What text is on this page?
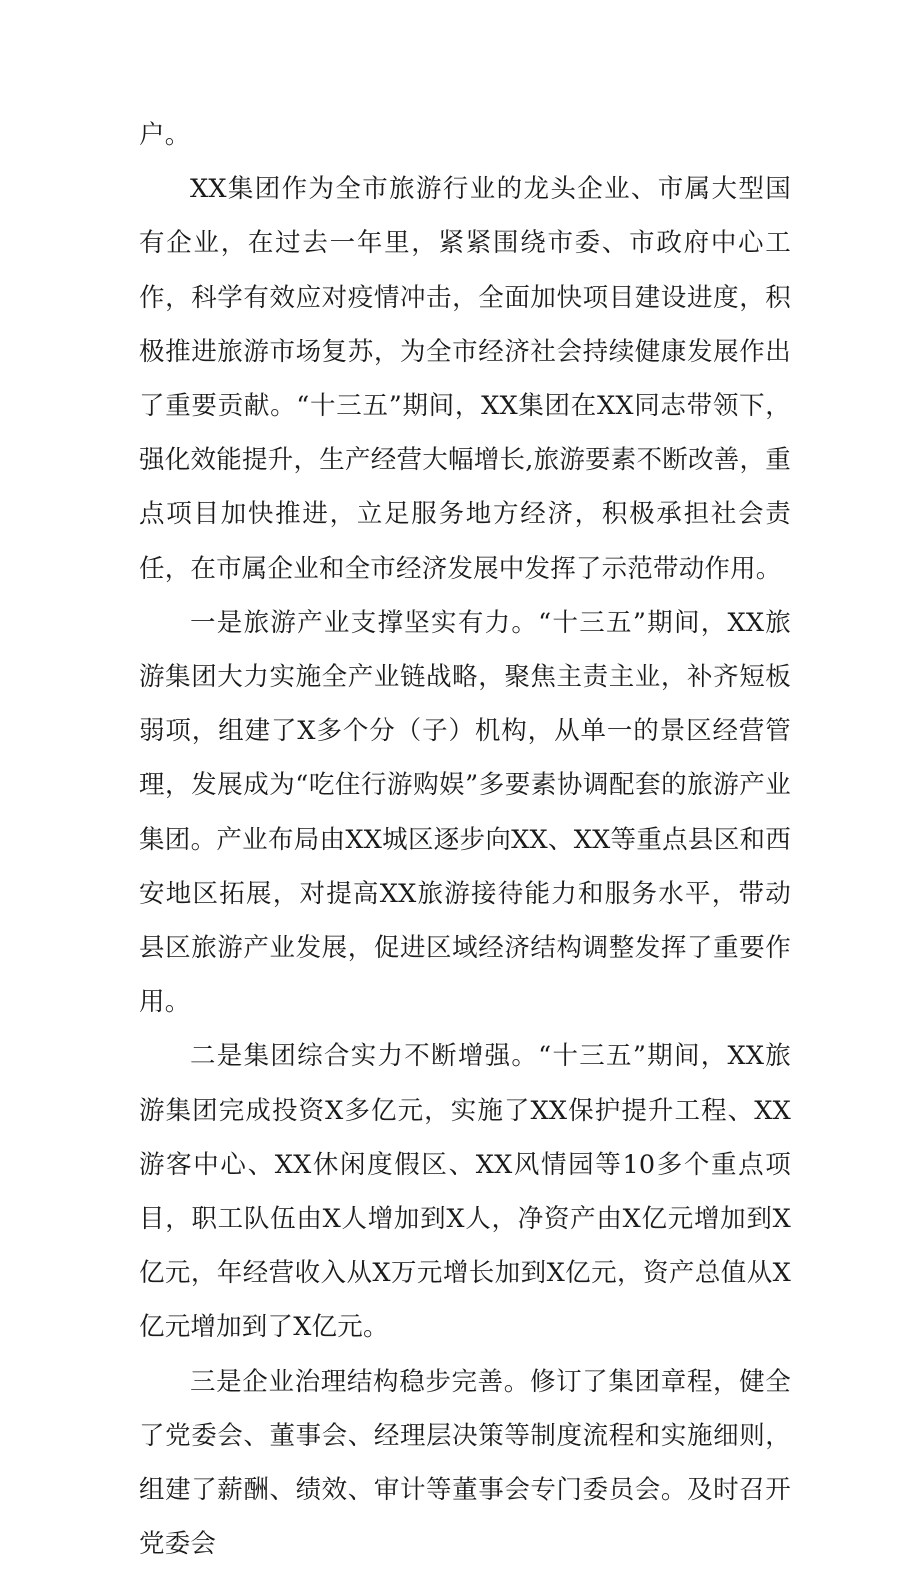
户。

XX集团作为全市旅游行业的龙头企业、市属大型国有企业，在过去一年里，紧紧围绕市委、市政府中心工作，科学有效应对疫情冲击，全面加快项目建设进度，积极推进旅游市场复苏，为全市经济社会持续健康发展作出了重要贡献。“十三五”期间，XX集团在XX同志带领下，强化效能提升，生产经营大幅增长,旅游要素不断改善，重点项目加快推进，立足服务地方经济，积极承担社会责任，在市属企业和全市经济发展中发挥了示范带动作用。

一是旅游产业支撑坚实有力。“十三五”期间，XX旅游集团大力实施全产业链战略，聚焦主责主业，补齐短板弱项，组建了X多个分（子）机构，从单一的景区经营管理，发展成为“吃住行游购娱”多要素协调配套的旅游产业集团。产业布局由XX城区逐步向XX、XX等重点县区和西安地区拓展，对提高XX旅游接待能力和服务水平，带动县区旅游产业发展，促进区域经济结构调整发挥了重要作用。

二是集团综合实力不断增强。“十三五”期间，XX旅游集团完成投资X多亿元，实施了XX保护提升工程、XX游客中心、XX休闲度假区、XX风情园等10多个重点项目，职工队伍由X人增加到X人，净资产由X亿元增加到X亿元，年经营收入从X万元增长加到X亿元，资产总值从X亿元增加到了X亿元。

三是企业治理结构稳步完善。修订了集团章程，健全了党委会、董事会、经理层决策等制度流程和实施细则，组建了薪酬、绩效、审计等董事会专门委员会。及时召开党委会
